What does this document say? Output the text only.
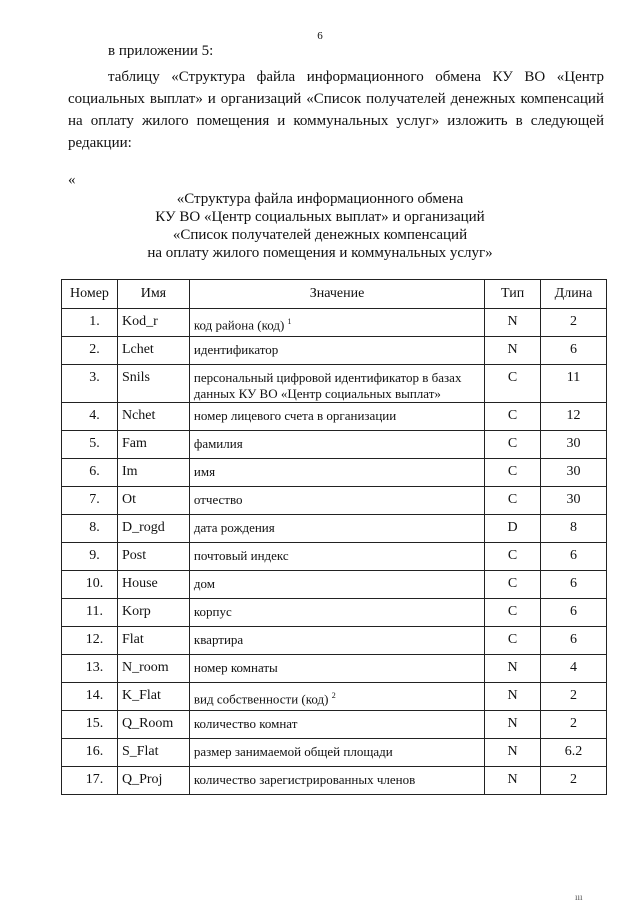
6
в приложении 5:
таблицу «Структура файла информационного обмена КУ ВО «Центр социальных выплат» и организаций «Список получателей денежных компенсаций на оплату жилого помещения и коммунальных услуг» изложить в следующей редакции:
«
«Структура файла информационного обмена
КУ ВО «Центр социальных выплат» и организаций
«Список получателей денежных компенсаций
на оплату жилого помещения и коммунальных услуг»
Номер	Имя	Значение	Тип	Длина
1.	Kod_r	код района (код) $^1$	N	2
2.	Lchet	идентификатор	N	6
3.	Snils	персональный цифровой идентификатор в базах данных КУ ВО «Центр социальных выплат»	C	11
4.	Nchet	номер лицевого счета в организации	C	12
5.	Fam	фамилия	C	30
6.	Im	имя	C	30
7.	Ot	отчество	C	30
8.	D_rogd	дата рождения	D	8
9.	Post	почтовый индекс	C	6
10.	House	дом	C	6
11.	Korp	корпус	C	6
12.	Flat	квартира	C	6
13.	N_room	номер комнаты	N	4
14.	K_Flat	вид собственности (код) $^2$	N	2
15.	Q_Room	количество комнат	N	2
16.	S_Flat	размер занимаемой общей площади	N	6.2
17.	Q_Proj	количество зарегистрированных членов	N	2
ııı
